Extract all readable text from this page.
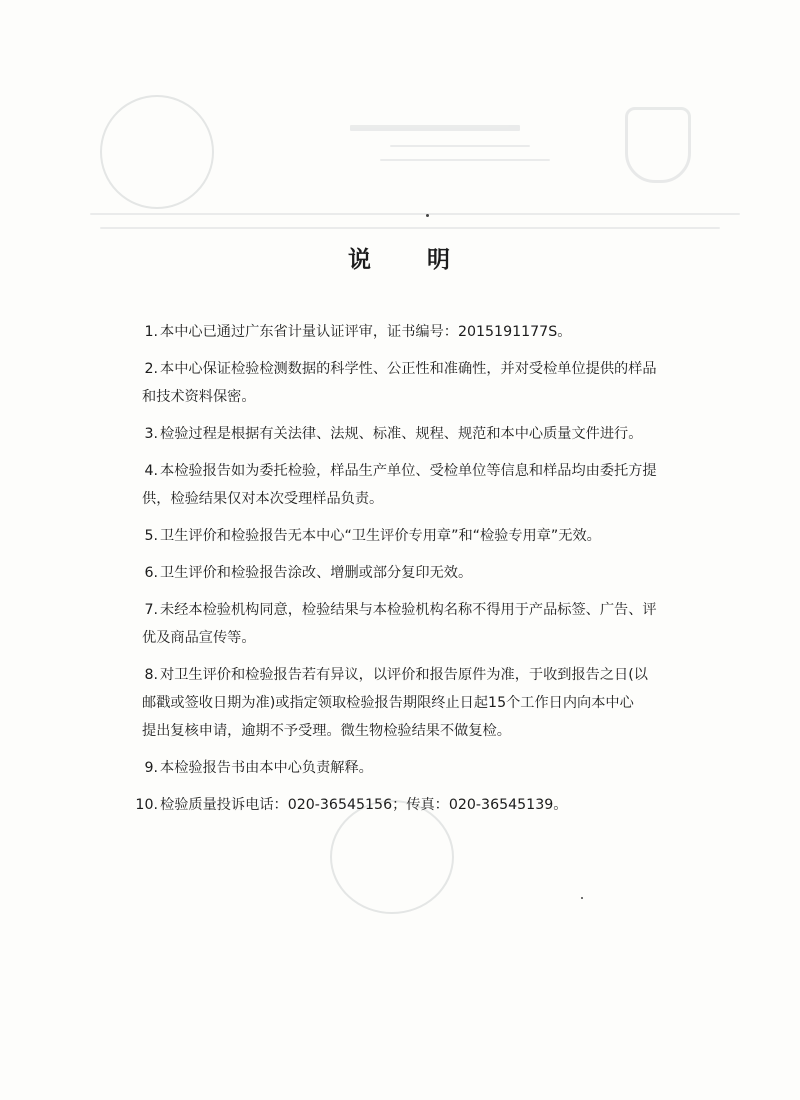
说 明
1. 本中心已通过广东省计量认证评审，证书编号：2015191177S。
2. 本中心保证检验检测数据的科学性、公正性和准确性，并对受检单位提供的样品
和技术资料保密。
3. 检验过程是根据有关法律、法规、标准、规程、规范和本中心质量文件进行。
4. 本检验报告如为委托检验，样品生产单位、受检单位等信息和样品均由委托方提
供，检验结果仅对本次受理样品负责。
5. 卫生评价和检验报告无本中心“卫生评价专用章”和“检验专用章”无效。
6. 卫生评价和检验报告涂改、增删或部分复印无效。
7. 未经本检验机构同意，检验结果与本检验机构名称不得用于产品标签、广告、评
优及商品宣传等。
8. 对卫生评价和检验报告若有异议，以评价和报告原件为准，于收到报告之日(以
邮戳或签收日期为准)或指定领取检验报告期限终止日起15个工作日内向本中心
提出复核申请，逾期不予受理。微生物检验结果不做复检。
9. 本检验报告书由本中心负责解释。
10. 检验质量投诉电话：020-36545156；传真：020-36545139。
